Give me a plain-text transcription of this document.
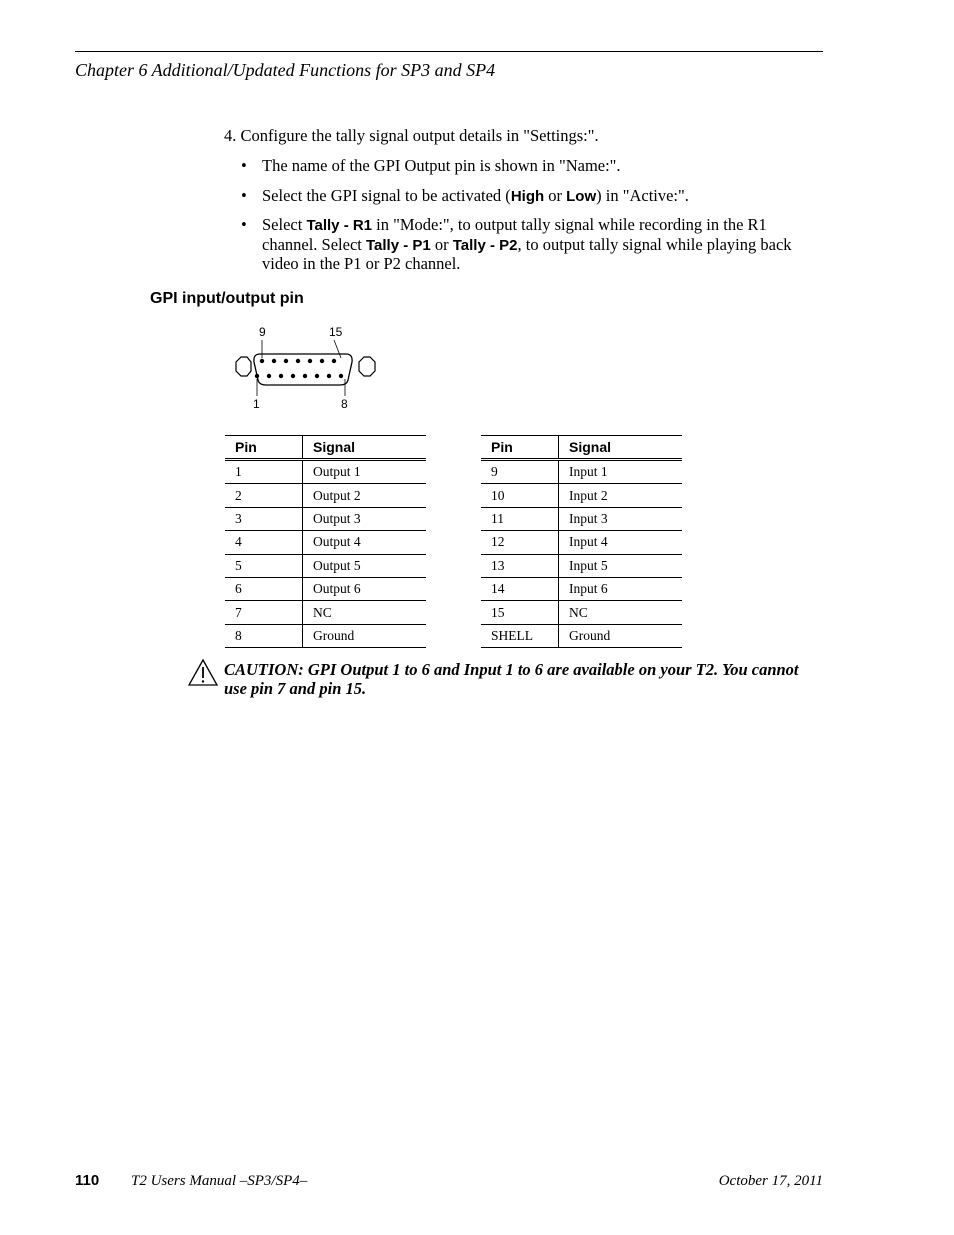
Chapter 6 Additional/Updated Functions for SP3 and SP4
4. Configure the tally signal output details in "Settings:".
• The name of the GPI Output pin is shown in "Name:".
• Select the GPI signal to be activated (High or Low) in "Active:".
• Select Tally - R1 in "Mode:", to output tally signal while recording in the R1 channel. Select Tally - P1 or Tally - P2, to output tally signal while playing back video in the P1 or P2 channel.
GPI input/output pin
9	15
1	8
Pin	Signal
1	Output 1
2	Output 2
3	Output 3
4	Output 4
5	Output 5
6	Output 6
7	NC
8	Ground
Pin	Signal
9	Input 1
10	Input 2
11	Input 3
12	Input 4
13	Input 5
14	Input 6
15	NC
SHELL	Ground
CAUTION: GPI Output 1 to 6 and Input 1 to 6 are available on your T2. You cannot use pin 7 and pin 15.
110 T2 Users Manual –SP3/SP4–	October 17, 2011
